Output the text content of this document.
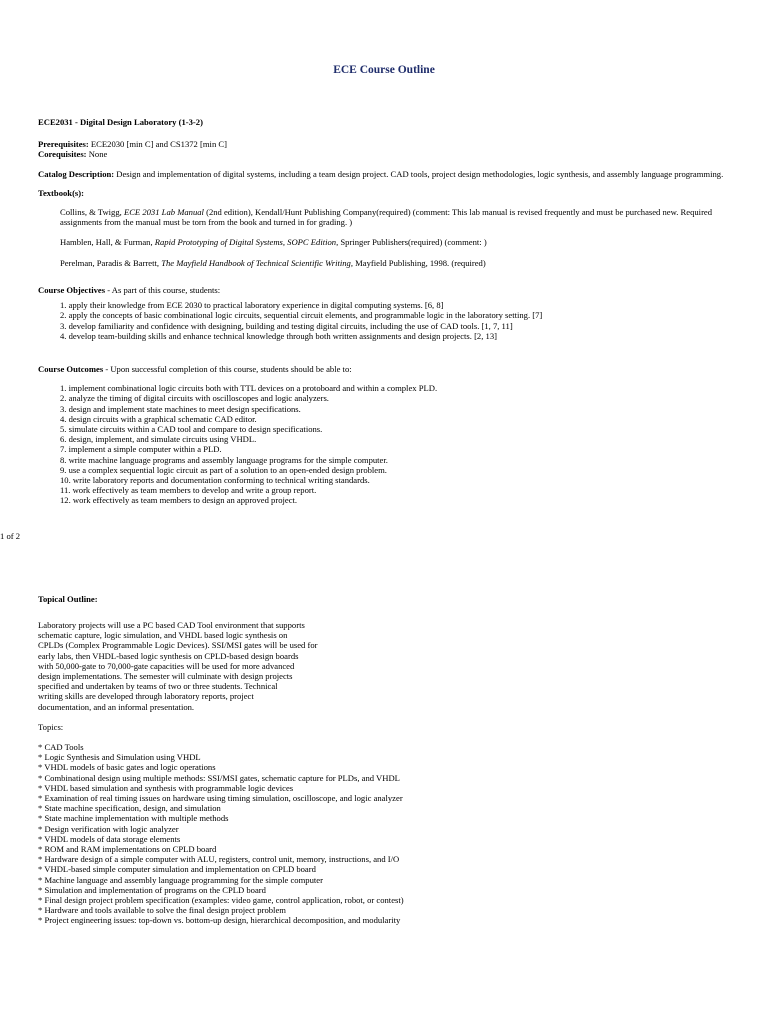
ECE Course Outline

ECE2031 - Digital Design Laboratory (1-3-2)

Prerequisites: ECE2030 [min C] and CS1372 [min C]

Corequisites: None

Catalog Description: Design and implementation of digital systems, including a team design project. CAD tools, project design methodologies, logic synthesis, and assembly language programming.

Textbook(s):

Collins, & Twigg, ECE 2031 Lab Manual (2nd edition), Kendall/Hunt Publishing Company(required) (comment: This lab manual is revised frequently and must be purchased new. Required assignments from the manual must be torn from the book and turned in for grading. )

Hamblen, Hall, & Furman, Rapid Prototyping of Digital Systems, SOPC Edition, Springer Publishers(required) (comment: )

Perelman, Paradis & Barrett, The Mayfield Handbook of Technical Scientific Writing, Mayfield Publishing, 1998. (required)

Course Objectives - As part of this course, students:

1. apply their knowledge from ECE 2030 to practical laboratory experience in digital computing systems. [6, 8]
2. apply the concepts of basic combinational logic circuits, sequential circuit elements, and programmable logic in the laboratory setting. [7]
3. develop familiarity and confidence with designing, building and testing digital circuits, including the use of CAD tools. [1, 7, 11]
4. develop team-building skills and enhance technical knowledge through both written assignments and design projects. [2, 13]

Course Outcomes - Upon successful completion of this course, students should be able to:

1. implement combinational logic circuits both with TTL devices on a protoboard and within a complex PLD.
2. analyze the timing of digital circuits with oscilloscopes and logic analyzers.
3. design and implement state machines to meet design specifications.
4. design circuits with a graphical schematic CAD editor.
5. simulate circuits within a CAD tool and compare to design specifications.
6. design, implement, and simulate circuits using VHDL.
7. implement a simple computer within a PLD.
8. write machine language programs and assembly language programs for the simple computer.
9. use a complex sequential logic circuit as part of a solution to an open-ended design problem.
10. write laboratory reports and documentation conforming to technical writing standards.
11. work effectively as team members to develop and write a group report.
12. work effectively as team members to design an approved project.
1 of 2

Topical Outline:

Laboratory projects will use a PC based CAD Tool environment that supports

schematic capture, logic simulation, and VHDL based logic synthesis on

CPLDs (Complex Programmable Logic Devices). SSI/MSI gates will be used for

early labs, then VHDL-based logic synthesis on CPLD-based design boards

with 50,000-gate to 70,000-gate capacities will be used for more advanced

design implementations. The semester will culminate with design projects

specified and undertaken by teams of two or three students. Technical

writing skills are developed through laboratory reports, project

documentation, and an informal presentation.

Topics:

* CAD Tools

* Logic Synthesis and Simulation using VHDL

* VHDL models of basic gates and logic operations

* Combinational design using multiple methods: SSI/MSI gates, schematic capture for PLDs, and VHDL

* VHDL based simulation and synthesis with programmable logic devices

* Examination of real timing issues on hardware using timing simulation, oscilloscope, and logic analyzer

* State machine specification, design, and simulation

* State machine implementation with multiple methods

* Design verification with logic analyzer

* VHDL models of data storage elements

* ROM and RAM implementations on CPLD board

* Hardware design of a simple computer with ALU, registers, control unit, memory, instructions, and I/O

* VHDL-based simple computer simulation and implementation on CPLD board

* Machine language and assembly language programming for the simple computer

* Simulation and implementation of programs on the CPLD board

* Final design project problem specification (examples: video game, control application, robot, or contest)

* Hardware and tools available to solve the final design project problem

* Project engineering issues: top-down vs. bottom-up design, hierarchical decomposition, and modularity
